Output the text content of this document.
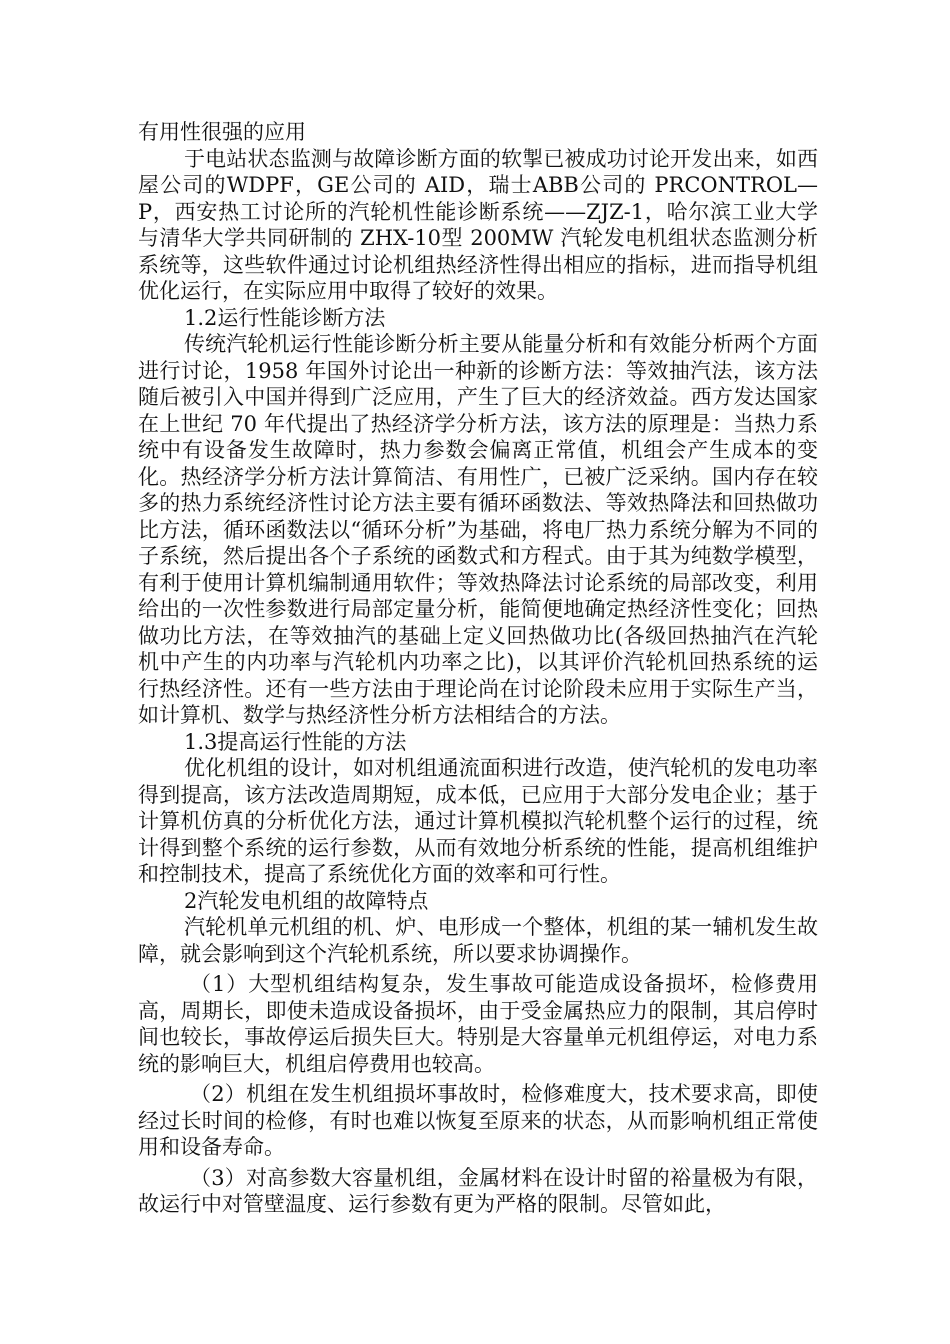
有用性很强的应用

于电站状态监测与故障诊断方面的软掣已被成功讨论开发出来，如西屋公司的WDPF，GE公司的 AID，瑞士ABB公司的 PRCONTROL—P，西安热工讨论所的汽轮机性能诊断系统——ZJZ-1，哈尔滨工业大学与清华大学共同研制的 ZHX-10型 200MW 汽轮发电机组状态监测分析系统等，这些软件通过讨论机组热经济性得出相应的指标，进而指导机组优化运行，在实际应用中取得了较好的效果。

1.2运行性能诊断方法

传统汽轮机运行性能诊断分析主要从能量分析和有效能分析两个方面进行讨论，1958 年国外讨论出一种新的诊断方法：等效抽汽法，该方法随后被引入中国并得到广泛应用，产生了巨大的经济效益。西方发达国家在上世纪 70 年代提出了热经济学分析方法，该方法的原理是：当热力系统中有设备发生故障时，热力参数会偏离正常值，机组会产生成本的变化。热经济学分析方法计算简洁、有用性广，已被广泛采纳。国内存在较多的热力系统经济性讨论方法主要有循环函数法、等效热降法和回热做功比方法，循环函数法以“循环分析”为基础，将电厂热力系统分解为不同的子系统，然后提出各个子系统的函数式和方程式。由于其为纯数学模型，有利于使用计算机编制通用软件；等效热降法讨论系统的局部改变，利用给出的一次性参数进行局部定量分析，能简便地确定热经济性变化；回热做功比方法，在等效抽汽的基础上定义回热做功比(各级回热抽汽在汽轮机中产生的内功率与汽轮机内功率之比)，以其评价汽轮机回热系统的运行热经济性。还有一些方法由于理论尚在讨论阶段未应用于实际生产当，如计算机、数学与热经济性分析方法相结合的方法。

1.3提高运行性能的方法

优化机组的设计，如对机组通流面积进行改造，使汽轮机的发电功率得到提高，该方法改造周期短，成本低，已应用于大部分发电企业；基于计算机仿真的分析优化方法，通过计算机模拟汽轮机整个运行的过程，统计得到整个系统的运行参数，从而有效地分析系统的性能，提高机组维护和控制技术，提高了系统优化方面的效率和可行性。

2汽轮发电机组的故障特点

汽轮机单元机组的机、炉、电形成一个整体，机组的某一辅机发生故障，就会影响到这个汽轮机系统，所以要求协调操作。

（1）大型机组结构复杂，发生事故可能造成设备损坏，检修费用高，周期长，即使未造成设备损坏，由于受金属热应力的限制，其启停时间也较长，事故停运后损失巨大。特别是大容量单元机组停运，对电力系统的影响巨大，机组启停费用也较高。

（2）机组在发生机组损坏事故时，检修难度大，技术要求高，即使经过长时间的检修，有时也难以恢复至原来的状态，从而影响机组正常使用和设备寿命。

（3）对高参数大容量机组，金属材料在设计时留的裕量极为有限，故运行中对管壁温度、运行参数有更为严格的限制。尽管如此，
